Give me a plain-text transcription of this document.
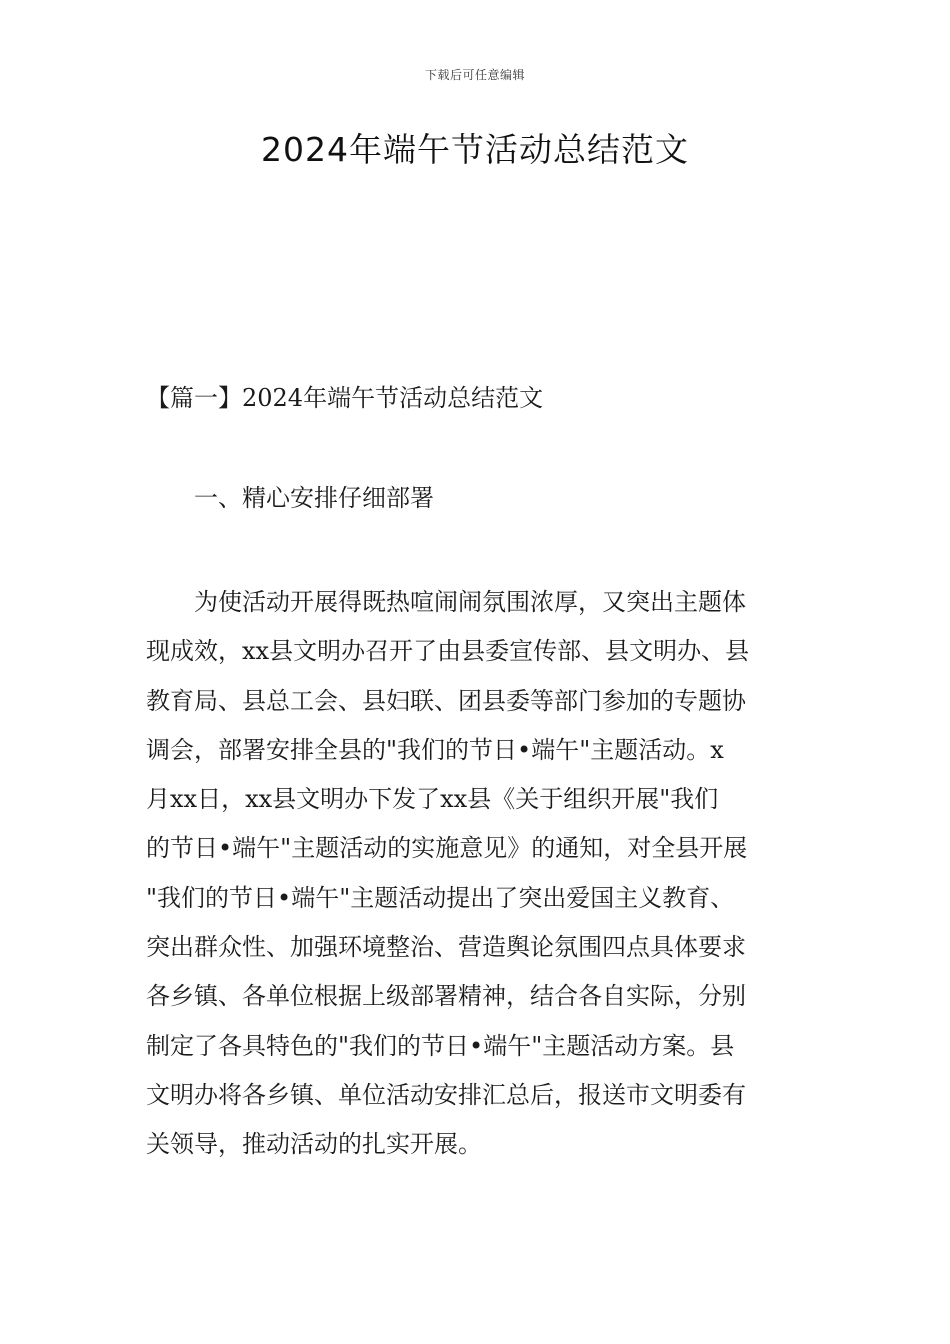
下载后可任意编辑
2024年端午节活动总结范文
【篇一】2024年端午节活动总结范文
一、精心安排仔细部署
为使活动开展得既热喧闹闹氛围浓厚，又突出主题体
现成效，xx县文明办召开了由县委宣传部、县文明办、县
教育局、县总工会、县妇联、团县委等部门参加的专题协
调会，部署安排全县的"我们的节日•端午"主题活动。x
月xx日，xx县文明办下发了xx县《关于组织开展"我们
的节日•端午"主题活动的实施意见》的通知，对全县开展
"我们的节日•端午"主题活动提出了突出爱国主义教育、
突出群众性、加强环境整治、营造舆论氛围四点具体要求
各乡镇、各单位根据上级部署精神，结合各自实际，分别
制定了各具特色的"我们的节日•端午"主题活动方案。县
文明办将各乡镇、单位活动安排汇总后，报送市文明委有
关领导，推动活动的扎实开展。
